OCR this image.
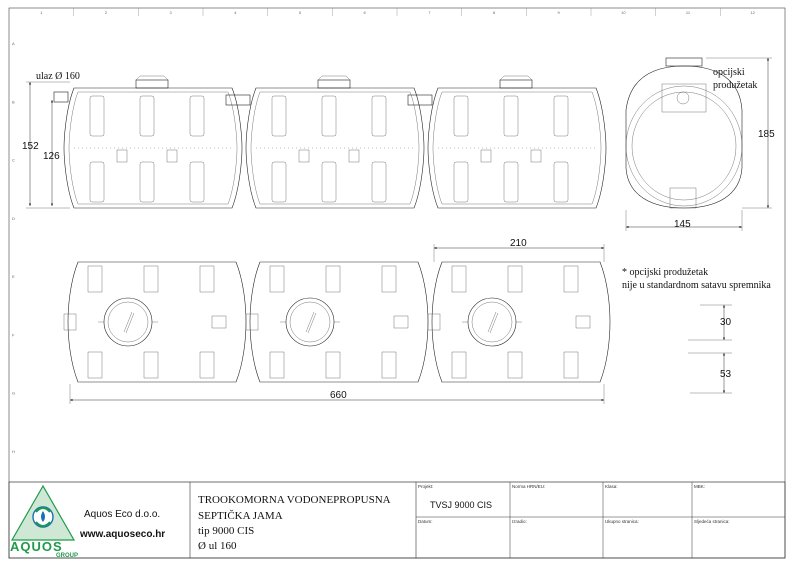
1	2	3	4	5	6	7	8	9	10	11	12
A
B
C
D
E
F
G
H
ulaz Ø 160
152
126
opcijski
produžetak
185
145
210
660
* opcijski produžetak
nije u standardnom satavu spremnika
30
53
AQUOS
GROUP
Aquos Eco d.o.o.
www.aquoseco.hr
TROOKOMORNA VODONEPROPUSNA
SEPTIČKA JAMA
tip 9000 CIS
Ø ul 160
Projekt:
TVSJ 9000 CIS
Norma HRN/EU:	Klasa:	MBK:
Datum:	Izradio:	Ukupno stranica:	Sljedeća stranica:
